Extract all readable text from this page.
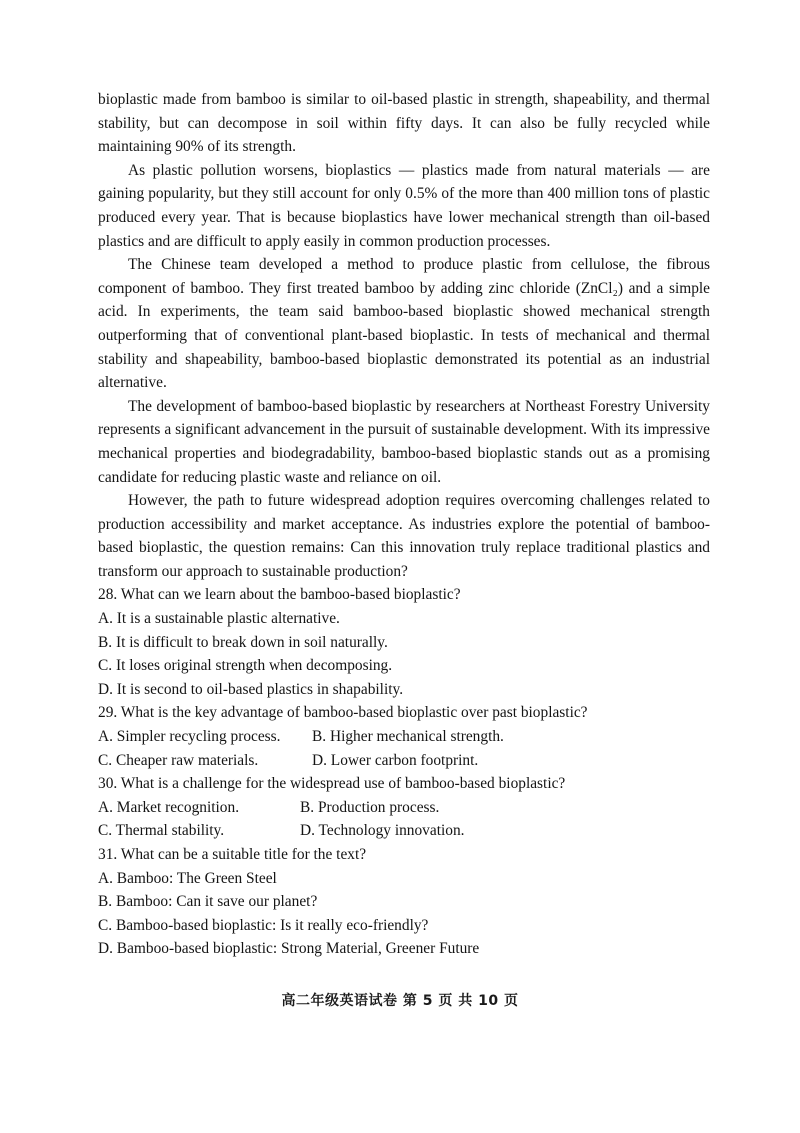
bioplastic made from bamboo is similar to oil-based plastic in strength, shapeability, and thermal stability, but can decompose in soil within fifty days. It can also be fully recycled while maintaining 90% of its strength.

As plastic pollution worsens, bioplastics — plastics made from natural materials — are gaining popularity, but they still account for only 0.5% of the more than 400 million tons of plastic produced every year. That is because bioplastics have lower mechanical strength than oil-based plastics and are difficult to apply easily in common production processes.

The Chinese team developed a method to produce plastic from cellulose, the fibrous component of bamboo. They first treated bamboo by adding zinc chloride (ZnCl₂) and a simple acid. In experiments, the team said bamboo-based bioplastic showed mechanical strength outperforming that of conventional plant-based bioplastic. In tests of mechanical and thermal stability and shapeability, bamboo-based bioplastic demonstrated its potential as an industrial alternative.

The development of bamboo-based bioplastic by researchers at Northeast Forestry University represents a significant advancement in the pursuit of sustainable development. With its impressive mechanical properties and biodegradability, bamboo-based bioplastic stands out as a promising candidate for reducing plastic waste and reliance on oil.

However, the path to future widespread adoption requires overcoming challenges related to production accessibility and market acceptance. As industries explore the potential of bamboo-based bioplastic, the question remains: Can this innovation truly replace traditional plastics and transform our approach to sustainable production?

28. What can we learn about the bamboo-based bioplastic?

A. It is a sustainable plastic alternative.

B. It is difficult to break down in soil naturally.

C. It loses original strength when decomposing.

D. It is second to oil-based plastics in shapability.

29. What is the key advantage of bamboo-based bioplastic over past bioplastic?

A. Simpler recycling process.	B. Higher mechanical strength.
C. Cheaper raw materials.	D. Lower carbon footprint.

30. What is a challenge for the widespread use of bamboo-based bioplastic?

A. Market recognition.	B. Production process.
C. Thermal stability.	D. Technology innovation.

31. What can be a suitable title for the text?

A. Bamboo: The Green Steel

B. Bamboo: Can it save our planet?

C. Bamboo-based bioplastic: Is it really eco-friendly?

D. Bamboo-based bioplastic: Strong Material, Greener Future

高二年级英语试卷 第 5 页 共 10 页
